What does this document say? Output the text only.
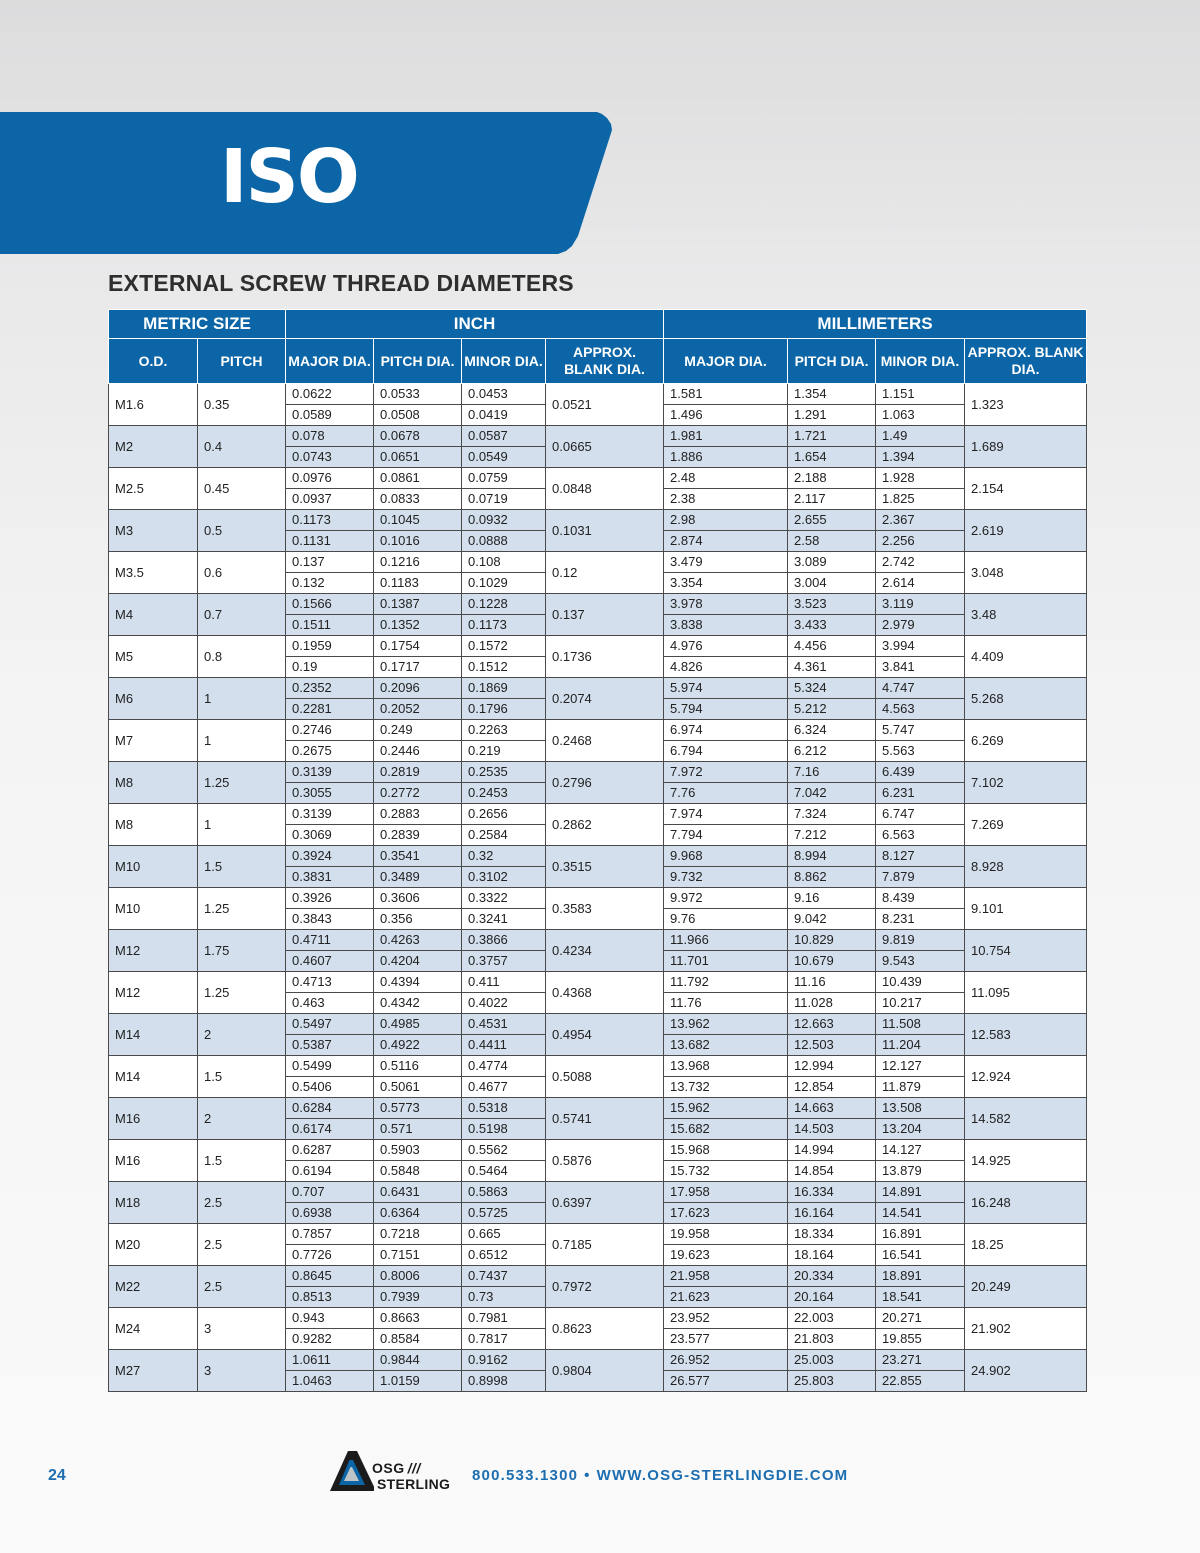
ISO
EXTERNAL SCREW THREAD DIAMETERS
METRIC SIZE		INCH				MILLIMETERS			
O.D.	PITCH	MAJOR DIA.	PITCH DIA.	MINOR DIA.	APPROX. BLANK DIA.	MAJOR DIA.	PITCH DIA.	MINOR DIA.	APPROX. BLANK DIA.
M1.6	0.35	0.0622	0.0533	0.0453	0.0521	1.581	1.354	1.151	1.323
		0.0589	0.0508	0.0419		1.496	1.291	1.063	
M2	0.4	0.078	0.0678	0.0587	0.0665	1.981	1.721	1.49	1.689
		0.0743	0.0651	0.0549		1.886	1.654	1.394	
M2.5	0.45	0.0976	0.0861	0.0759	0.0848	2.48	2.188	1.928	2.154
		0.0937	0.0833	0.0719		2.38	2.117	1.825	
M3	0.5	0.1173	0.1045	0.0932	0.1031	2.98	2.655	2.367	2.619
		0.1131	0.1016	0.0888		2.874	2.58	2.256	
M3.5	0.6	0.137	0.1216	0.108	0.12	3.479	3.089	2.742	3.048
		0.132	0.1183	0.1029		3.354	3.004	2.614	
M4	0.7	0.1566	0.1387	0.1228	0.137	3.978	3.523	3.119	3.48
		0.1511	0.1352	0.1173		3.838	3.433	2.979	
M5	0.8	0.1959	0.1754	0.1572	0.1736	4.976	4.456	3.994	4.409
		0.19	0.1717	0.1512		4.826	4.361	3.841	
M6	1	0.2352	0.2096	0.1869	0.2074	5.974	5.324	4.747	5.268
		0.2281	0.2052	0.1796		5.794	5.212	4.563	
M7	1	0.2746	0.249	0.2263	0.2468	6.974	6.324	5.747	6.269
		0.2675	0.2446	0.219		6.794	6.212	5.563	
M8	1.25	0.3139	0.2819	0.2535	0.2796	7.972	7.16	6.439	7.102
		0.3055	0.2772	0.2453		7.76	7.042	6.231	
M8	1	0.3139	0.2883	0.2656	0.2862	7.974	7.324	6.747	7.269
		0.3069	0.2839	0.2584		7.794	7.212	6.563	
M10	1.5	0.3924	0.3541	0.32	0.3515	9.968	8.994	8.127	8.928
		0.3831	0.3489	0.3102		9.732	8.862	7.879	
M10	1.25	0.3926	0.3606	0.3322	0.3583	9.972	9.16	8.439	9.101
		0.3843	0.356	0.3241		9.76	9.042	8.231	
M12	1.75	0.4711	0.4263	0.3866	0.4234	11.966	10.829	9.819	10.754
		0.4607	0.4204	0.3757		11.701	10.679	9.543	
M12	1.25	0.4713	0.4394	0.411	0.4368	11.792	11.16	10.439	11.095
		0.463	0.4342	0.4022		11.76	11.028	10.217	
M14	2	0.5497	0.4985	0.4531	0.4954	13.962	12.663	11.508	12.583
		0.5387	0.4922	0.4411		13.682	12.503	11.204	
M14	1.5	0.5499	0.5116	0.4774	0.5088	13.968	12.994	12.127	12.924
		0.5406	0.5061	0.4677		13.732	12.854	11.879	
M16	2	0.6284	0.5773	0.5318	0.5741	15.962	14.663	13.508	14.582
		0.6174	0.571	0.5198		15.682	14.503	13.204	
M16	1.5	0.6287	0.5903	0.5562	0.5876	15.968	14.994	14.127	14.925
		0.6194	0.5848	0.5464		15.732	14.854	13.879	
M18	2.5	0.707	0.6431	0.5863	0.6397	17.958	16.334	14.891	16.248
		0.6938	0.6364	0.5725		17.623	16.164	14.541	
M20	2.5	0.7857	0.7218	0.665	0.7185	19.958	18.334	16.891	18.25
		0.7726	0.7151	0.6512		19.623	18.164	16.541	
M22	2.5	0.8645	0.8006	0.7437	0.7972	21.958	20.334	18.891	20.249
		0.8513	0.7939	0.73		21.623	20.164	18.541	
M24	3	0.943	0.8663	0.7981	0.8623	23.952	22.003	20.271	21.902
		0.9282	0.8584	0.7817		23.577	21.803	19.855	
M27	3	1.0611	0.9844	0.9162	0.9804	26.952	25.003	23.271	24.902
		1.0463	1.0159	0.8998		26.577	25.803	22.855	
24	OSG ///
STERLING 800.533.1300 • WWW.OSG-STERLINGDIE.COM
